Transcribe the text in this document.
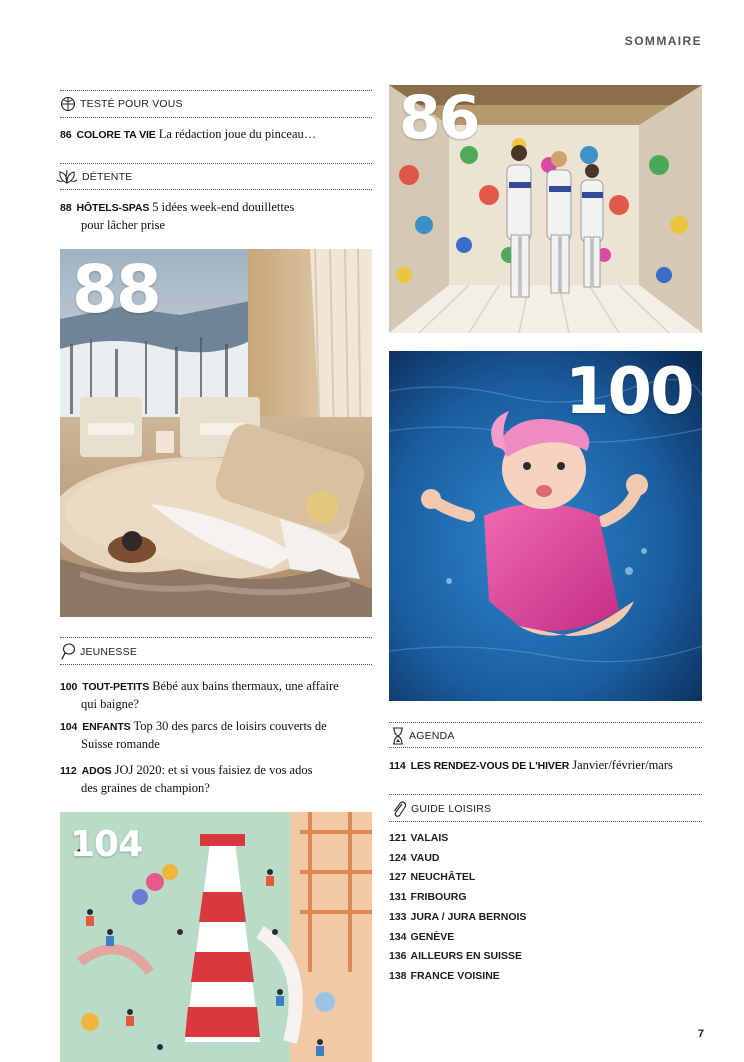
SOMMAIRE
TESTÉ POUR VOUS
86 COLORE TA VIE La rédaction joue du pinceau…
DÉTENTE
88 HÔTELS-SPAS 5 idées week-end douillettes
pour lâcher prise
88
JEUNESSE
100 TOUT-PETITS Bébé aux bains thermaux, une affaire
qui baigne?
104 ENFANTS Top 30 des parcs de loisirs couverts de
Suisse romande
112 ADOS JOJ 2020: et si vous faisiez de vos ados
des graines de champion?
104
86
100
AGENDA
114 LES RENDEZ-VOUS DE L'HIVER Janvier/février/mars
GUIDE LOISIRS
121 VALAIS
124 VAUD
127 NEUCHÂTEL
131 FRIBOURG
133 JURA / JURA BERNOIS
134 GENÈVE
136 AILLEURS EN SUISSE
138 FRANCE VOISINE
7
